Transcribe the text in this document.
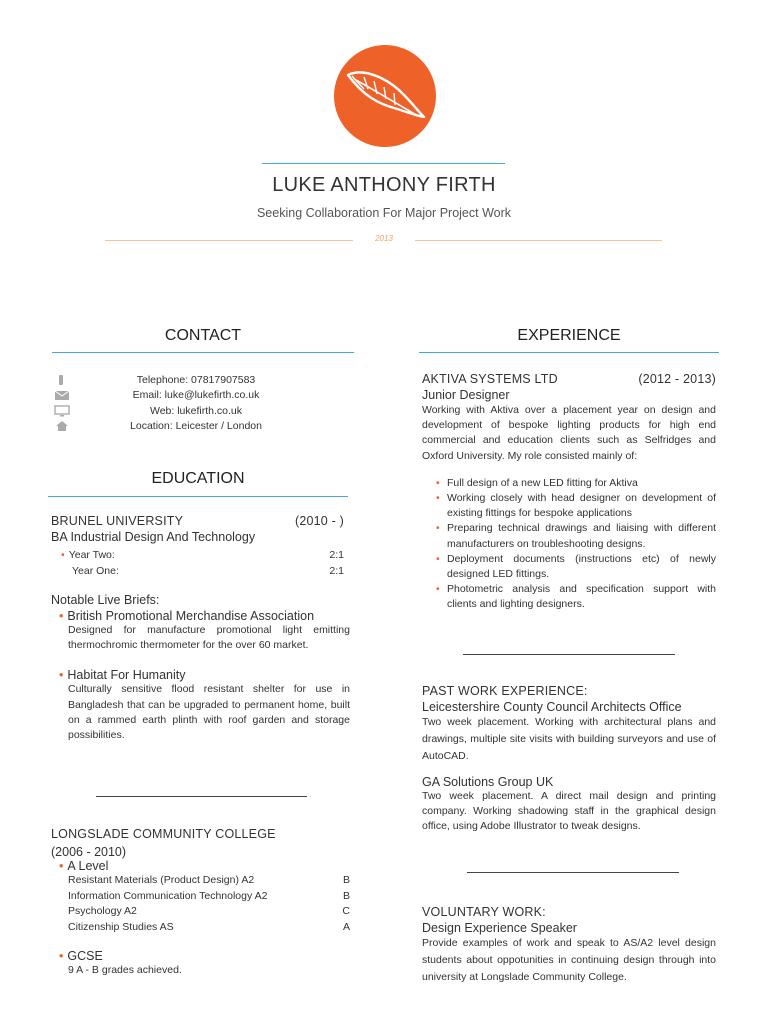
LUKE ANTHONY FIRTH
Seeking Collaboration For Major Project Work
2013
CONTACT
Telephone: 07817907583
Email: luke@lukefirth.co.uk
Web: lukefirth.co.uk
Location: Leicester / London
EDUCATION
BRUNEL UNIVERSITY	(2010 - )
BA Industrial Design And Technology
• Year Two:	2:1
Year One:	2:1
Notable Live Briefs:
• British Promotional Merchandise Association
Designed for manufacture promotional light emitting thermochromic thermometer for the over 60 market.
• Habitat For Humanity
Culturally sensitive flood resistant shelter for use in Bangladesh that can be upgraded to permanent home, built on a rammed earth plinth with roof garden and storage possibilities.
LONGSLADE COMMUNITY COLLEGE
(2006 - 2010)
• A Level
Resistant Materials (Product Design) A2	B
Information Communication Technology A2	B
Psychology A2	C
Citizenship Studies AS	A
• GCSE
9 A - B grades achieved.
EXPERIENCE
AKTIVA SYSTEMS LTD	(2012 - 2013)
Junior Designer
Working with Aktiva over a placement year on design and development of bespoke lighting products for high end commercial and education clients such as Selfridges and Oxford University. My role consisted mainly of:
• Full design of a new LED fitting for Aktiva
• Working closely with head designer on development of existing fittings for bespoke applications
• Preparing technical drawings and liaising with different manufacturers on troubleshooting designs.
• Deployment documents (instructions etc) of newly designed LED fittings.
• Photometric analysis and specification support with clients and lighting designers.
PAST WORK EXPERIENCE:
Leicestershire County Council Architects Office
Two week placement. Working with architectural plans and drawings, multiple site visits with building surveyors and use of AutoCAD.
GA Solutions Group UK
Two week placement. A direct mail design and printing company. Working shadowing staff in the graphical design office, using Adobe Illustrator to tweak designs.
VOLUNTARY WORK:
Design Experience Speaker
Provide examples of work and speak to AS/A2 level design students about oppotunities in continuing design through into university at Longslade Community College.
